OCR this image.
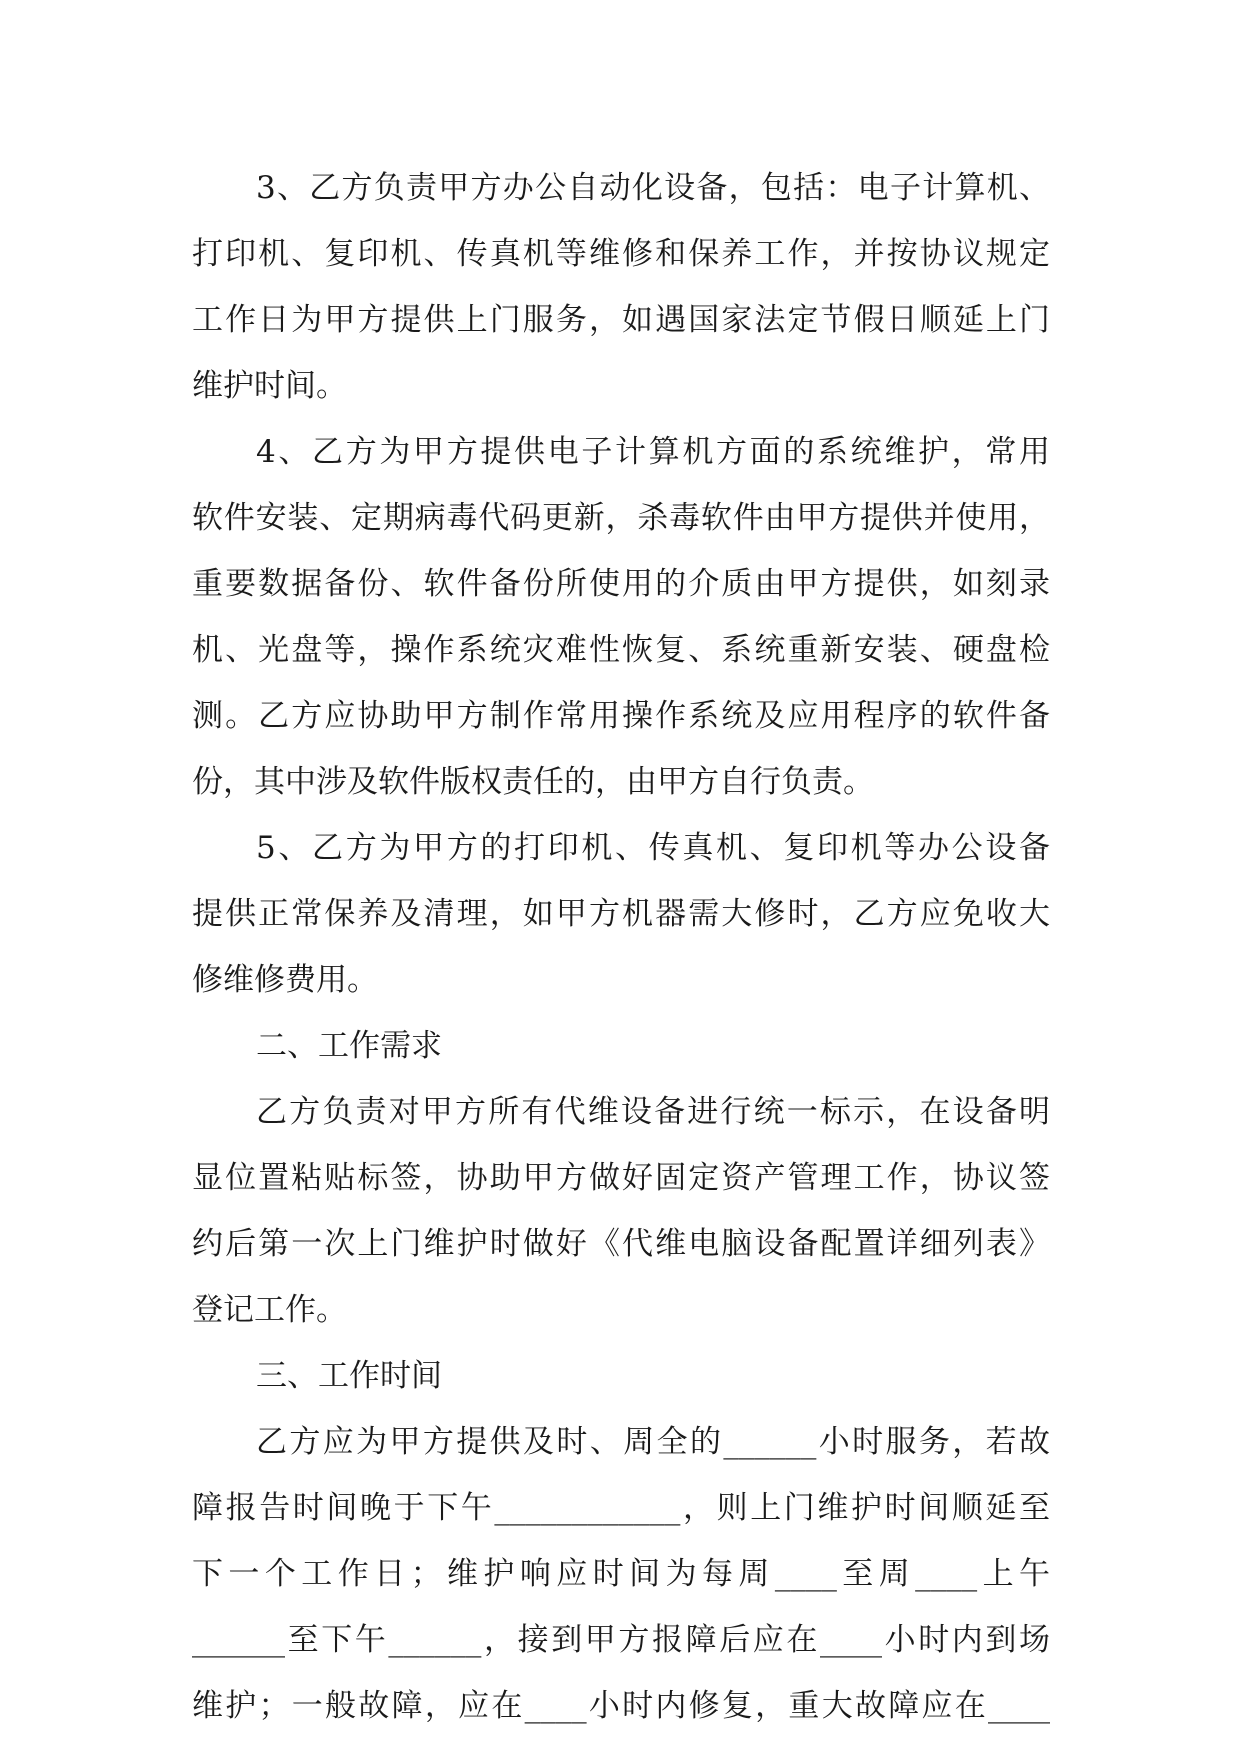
3、乙方负责甲方办公自动化设备，包括：电子计算机、
打印机、复印机、传真机等维修和保养工作，并按协议规定
工作日为甲方提供上门服务，如遇国家法定节假日顺延上门
维护时间。
4、乙方为甲方提供电子计算机方面的系统维护，常用
软件安装、定期病毒代码更新，杀毒软件由甲方提供并使用，
重要数据备份、软件备份所使用的介质由甲方提供，如刻录
机、光盘等，操作系统灾难性恢复、系统重新安装、硬盘检
测。乙方应协助甲方制作常用操作系统及应用程序的软件备
份，其中涉及软件版权责任的，由甲方自行负责。
5、乙方为甲方的打印机、传真机、复印机等办公设备
提供正常保养及清理，如甲方机器需大修时，乙方应免收大
修维修费用。
二、工作需求
乙方负责对甲方所有代维设备进行统一标示，在设备明
显位置粘贴标签，协助甲方做好固定资产管理工作，协议签
约后第一次上门维护时做好《代维电脑设备配置详细列表》
登记工作。
三、工作时间
乙方应为甲方提供及时、周全的______小时服务，若故
障报告时间晚于下午____________，则上门维护时间顺延至
下一个工作日；维护响应时间为每周____至周____上午
______至下午______，接到甲方报障后应在____小时内到场
维护；一般故障，应在____小时内修复，重大故障应在____
